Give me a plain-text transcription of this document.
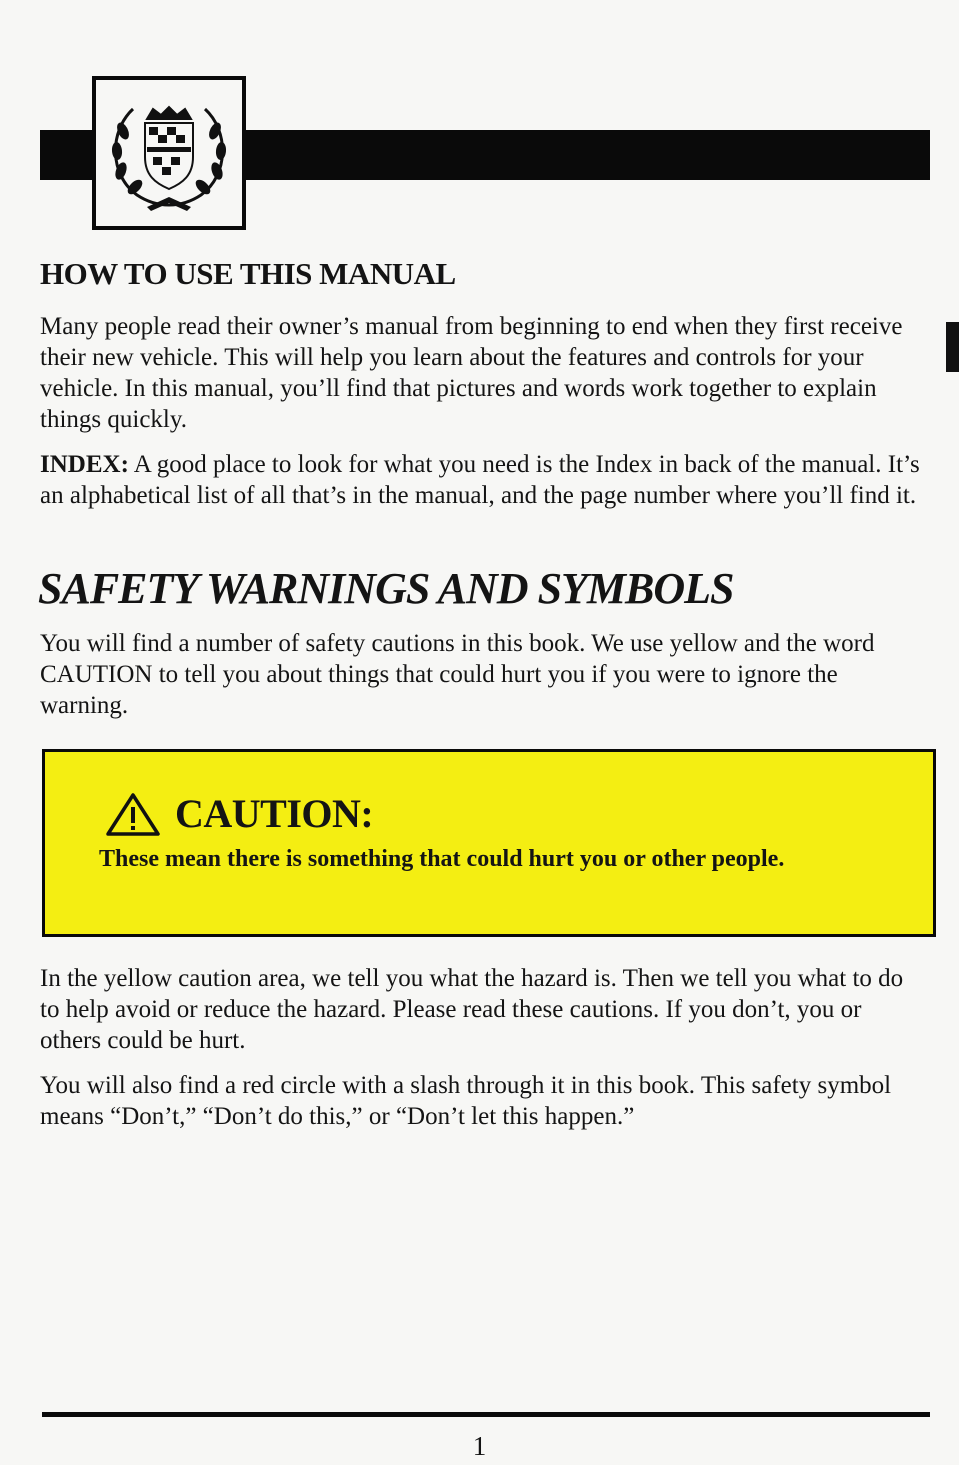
HOW TO USE THIS MANUAL

Many people read their owner’s manual from beginning to end when they first receive their new vehicle. This will help you learn about the features and controls for your vehicle. In this manual, you’ll find that pictures and words work together to explain things quickly.

INDEX: A good place to look for what you need is the Index in back of the manual. It’s an alphabetical list of all that’s in the manual, and the page number where you’ll find it.

SAFETY WARNINGS AND SYMBOLS

You will find a number of safety cautions in this book. We use yellow and the word CAUTION to tell you about things that could hurt you if you were to ignore the warning.

CAUTION:

These mean there is something that could hurt you or other people.

In the yellow caution area, we tell you what the hazard is. Then we tell you what to do to help avoid or reduce the hazard. Please read these cautions. If you don’t, you or others could be hurt.

You will also find a red circle with a slash through it in this book. This safety symbol means “Don’t,” “Don’t do this,” or “Don’t let this happen.”

1
